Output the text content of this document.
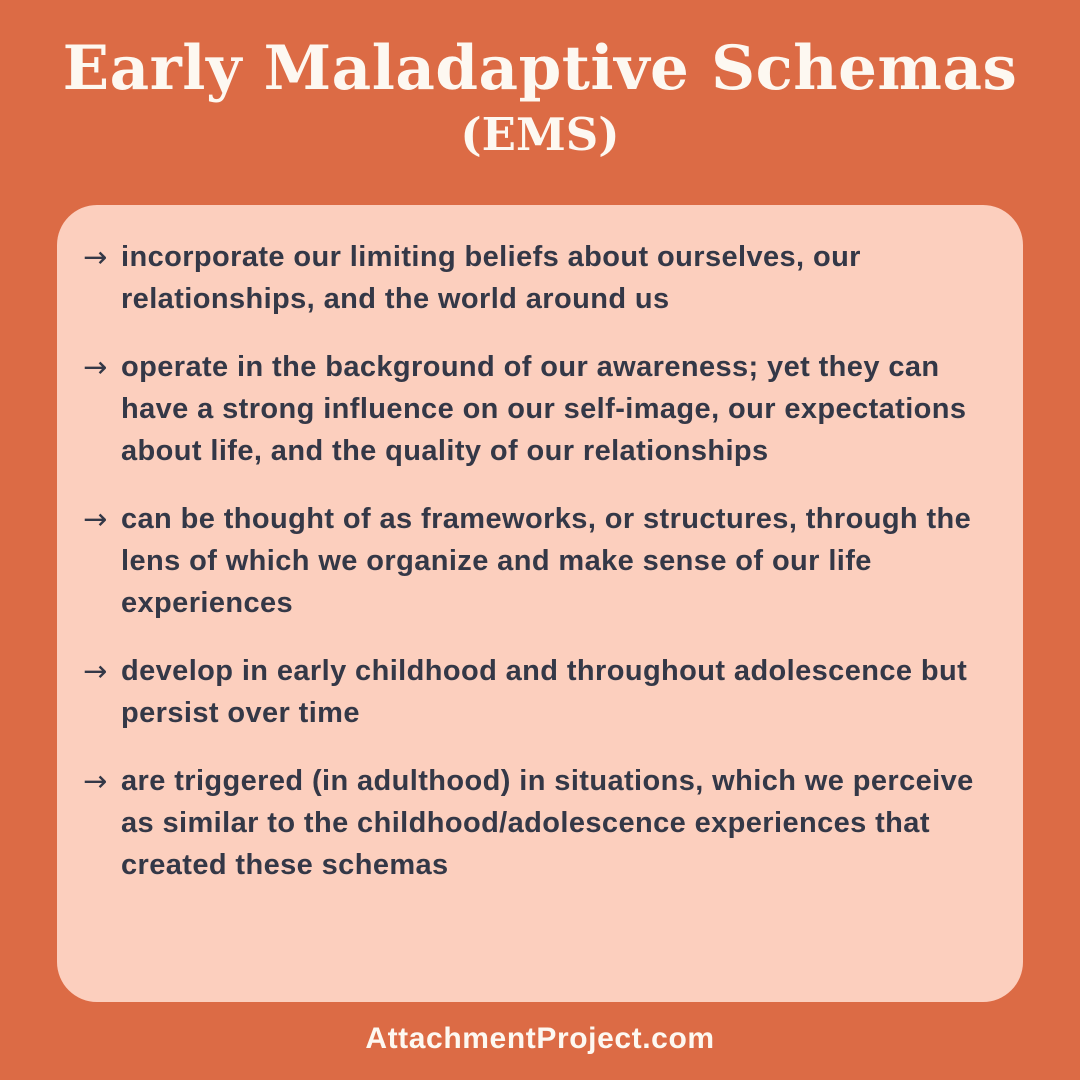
Early Maladaptive Schemas
(EMS)
→ incorporate our limiting beliefs about ourselves, our relationships, and the world around us
→ operate in the background of our awareness; yet they can have a strong influence on our self-image, our expectations about life, and the quality of our relationships
→ can be thought of as frameworks, or structures, through the lens of which we organize and make sense of our life experiences
→ develop in early childhood and throughout adolescence but persist over time
→ are triggered (in adulthood) in situations, which we perceive as similar to the childhood/adolescence experiences that created these schemas
AttachmentProject.com
